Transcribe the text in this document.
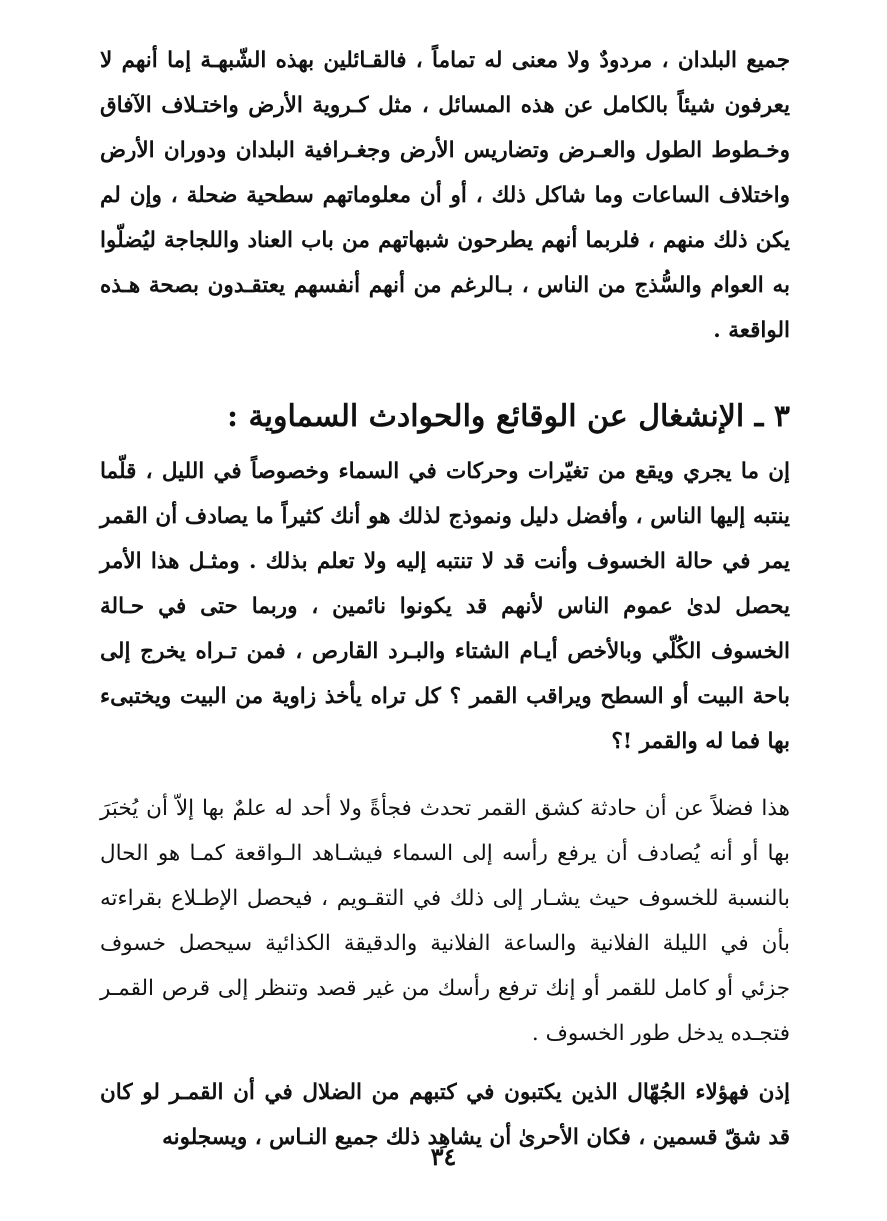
جميع البلدان ، مردودٌ ولا معنى له تماماً ، فالقـائلين بهذه الشّبهـة إما أنهم لا يعرفون شيئاً بالكامل عن هذه المسائل ، مثل كـروية الأرض واختـلاف الآفاق وخـطوط الطول والعـرض وتضاريس الأرض وجغـرافية البلدان ودوران الأرض واختلاف الساعات وما شاكل ذلك ، أو أن معلوماتهم سطحية ضحلة ، وإن لم يكن ذلك منهم ، فلربما أنهم يطرحون شبهاتهم من باب العناد واللجاجة ليُضلّوا به العوام والسُّذج من الناس ، بـالرغم من أنهم أنفسهم يعتقـدون بصحة هـذه الواقعة .

٣ ـ الإنشغال عن الوقائع والحوادث السماوية :

إن ما يجري ويقع من تغيّرات وحركات في السماء وخصوصاً في الليل ، قلّما ينتبه إليها الناس ، وأفضل دليل ونموذج لذلك هو أنك كثيراً ما يصادف أن القمر يمر في حالة الخسوف وأنت قد لا تنتبه إليه ولا تعلم بذلك . ومثـل هذا الأمر يحصل لدىٰ عموم الناس لأنهم قد يكونوا نائمين ، وربما حتى في حـالة الخسوف الكُلّي وبالأخص أيـام الشتاء والبـرد القارص ، فمن تـراه يخرج إلى باحة البيت أو السطح ويراقب القمر ؟ كل تراه يأخذ زاوية من البيت ويختبىء بها فما له والقمر !؟

هذا فضلاً عن أن حادثة كشق القمر تحدث فجأةً ولا أحد له علمٌ بها إلاّ أن يُخبَرَ بها أو أنه يُصادف أن يرفع رأسه إلى السماء فيشـاهد الـواقعة كمـا هو الحال بالنسبة للخسوف حيث يشـار إلى ذلك في التقـويم ، فيحصل الإطـلاع بقراءته بأن في الليلة الفلانية والساعة الفلانية والدقيقة الكذائية سيحصل خسوف جزئي أو كامل للقمر أو إنك ترفع رأسك من غير قصد وتنظر إلى قرص القمـر فتجـده يدخل طور الخسوف .

إذن فهؤلاء الجُهّال الذين يكتبون في كتبهم من الضلال في أن القمـر لو كان قد شقّ قسمين ، فكان الأحرىٰ أن يشاهِد ذلك جميع النـاس ، ويسجلونه

٣٤
